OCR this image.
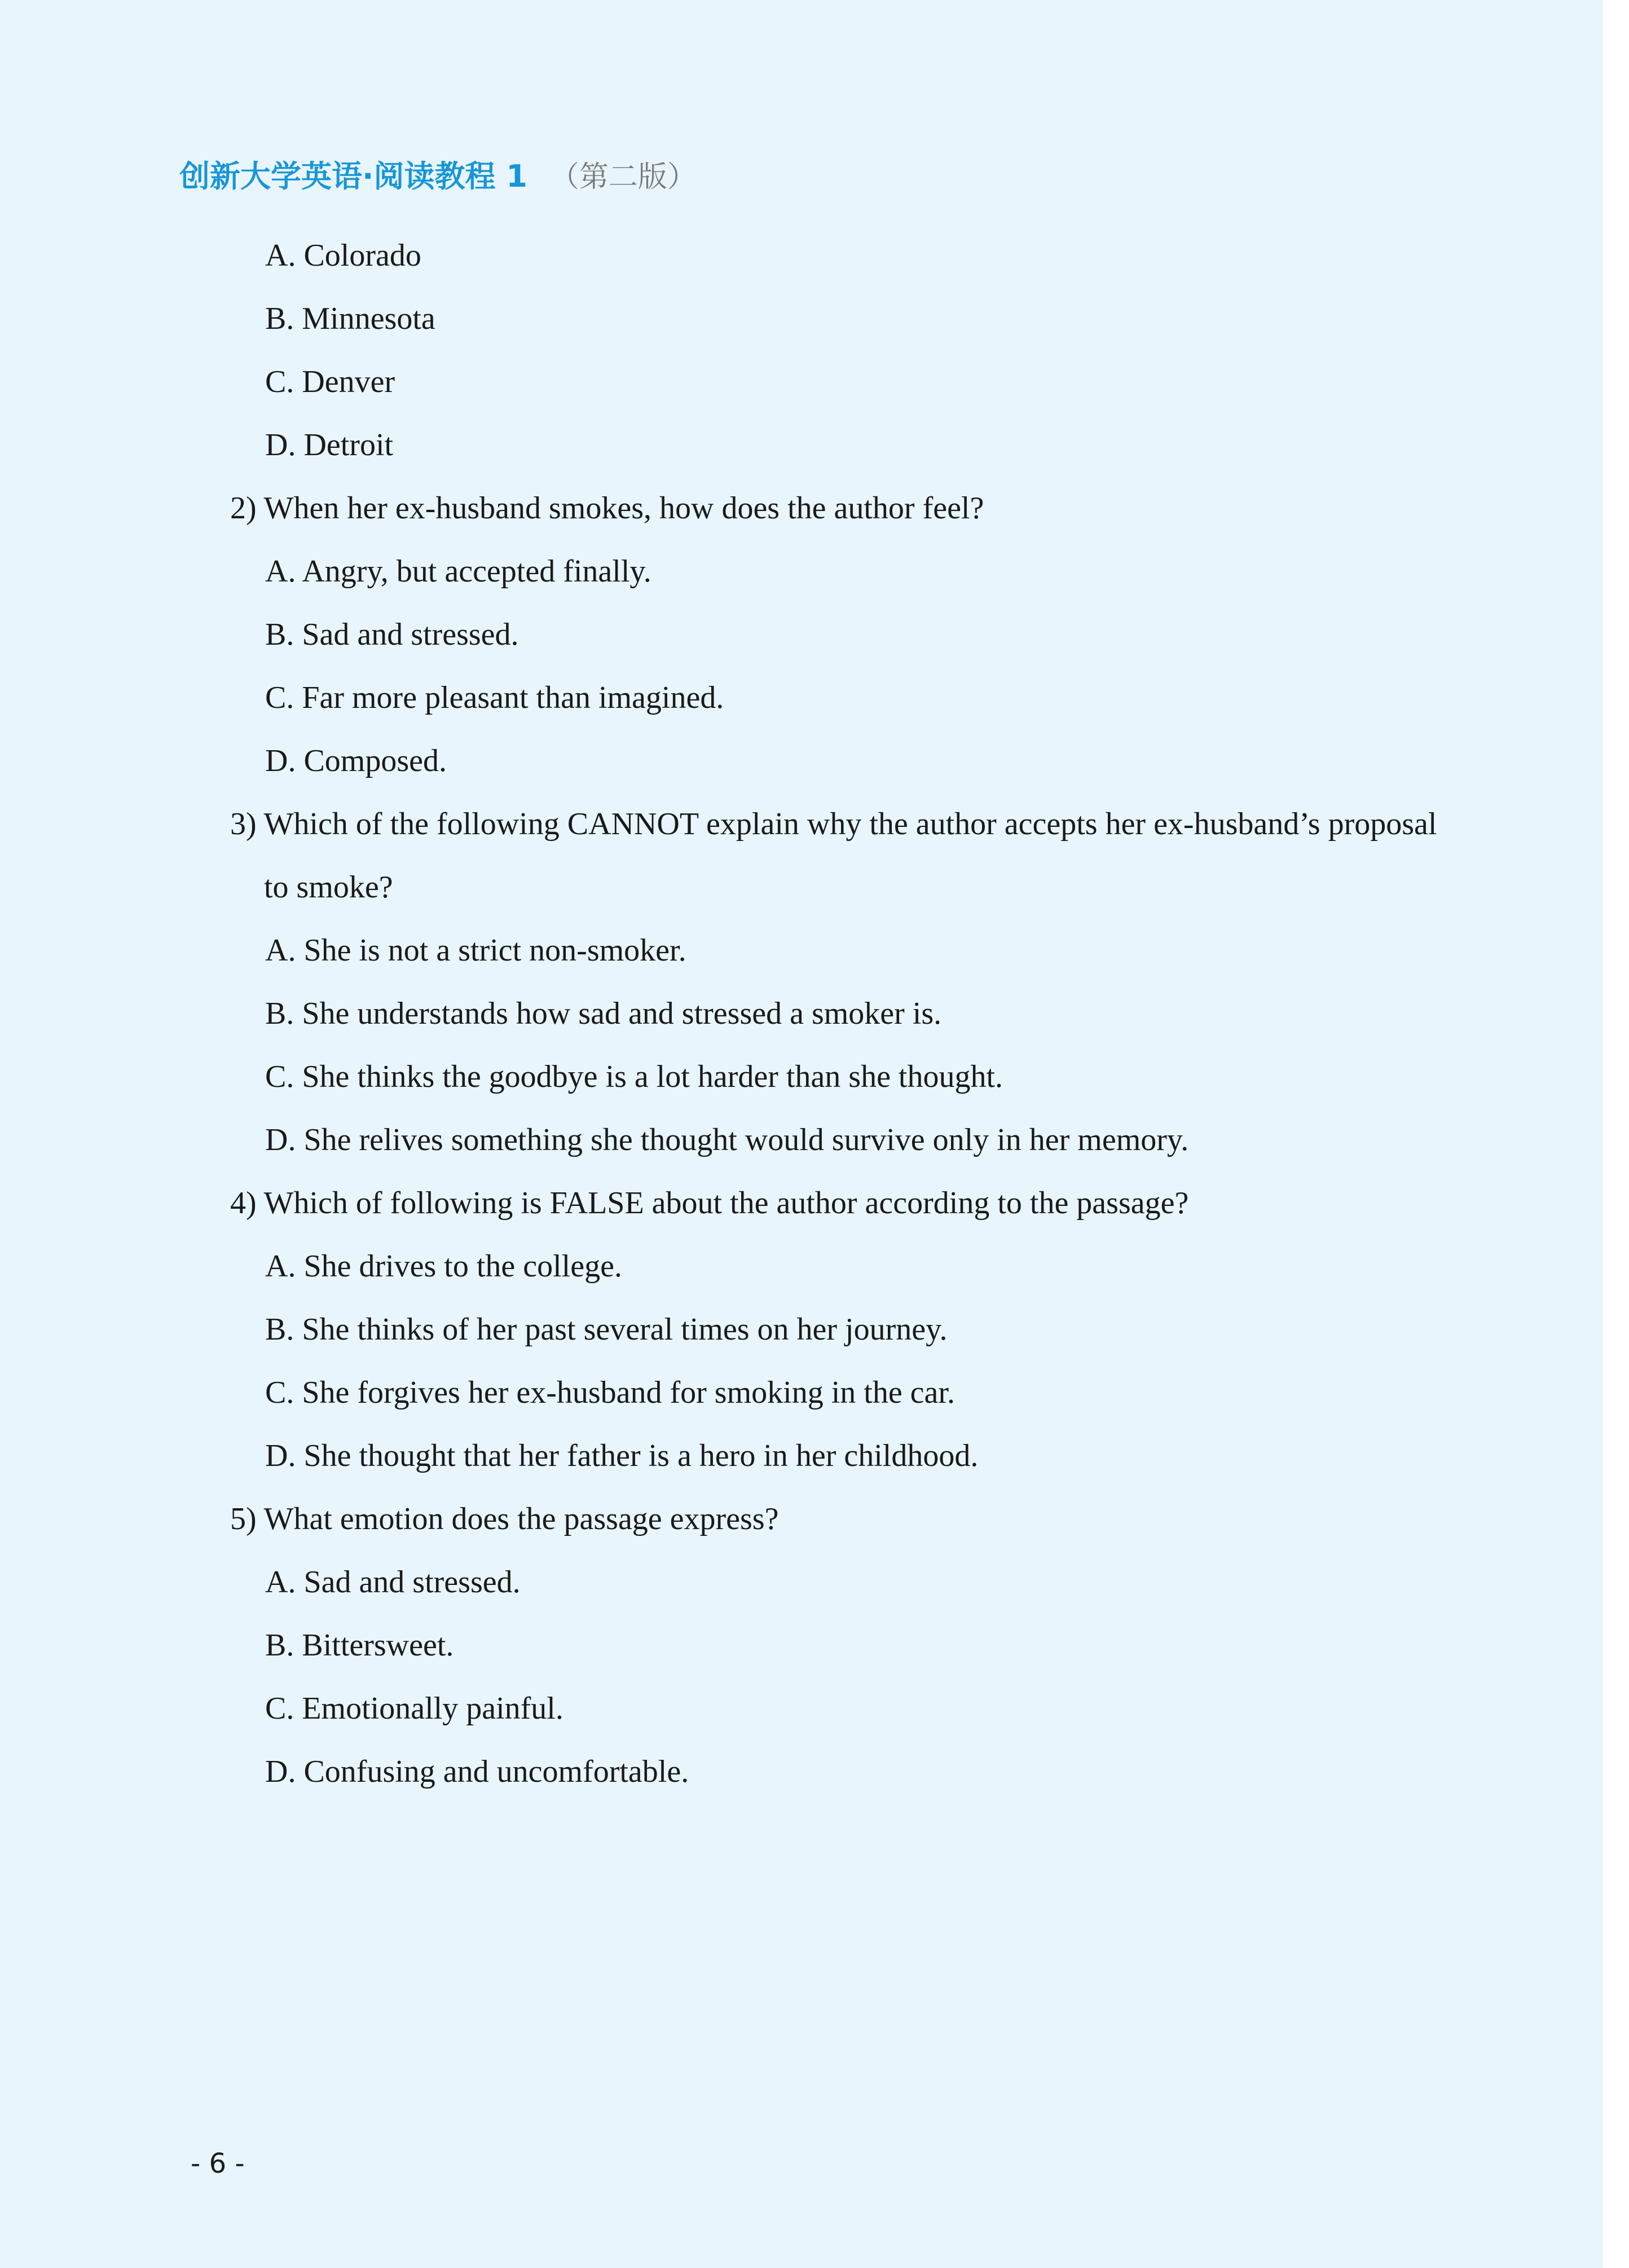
创新大学英语·阅读教程 1 （第二版）
A. Colorado
B. Minnesota
C. Denver
D. Detroit
2) When her ex-husband smokes, how does the author feel?
A. Angry, but accepted finally.
B. Sad and stressed.
C. Far more pleasant than imagined.
D. Composed.
3) Which of the following CANNOT explain why the author accepts her ex-husband’s proposal
to smoke?
A. She is not a strict non-smoker.
B. She understands how sad and stressed a smoker is.
C. She thinks the goodbye is a lot harder than she thought.
D. She relives something she thought would survive only in her memory.
4) Which of following is FALSE about the author according to the passage?
A. She drives to the college.
B. She thinks of her past several times on her journey.
C. She forgives her ex-husband for smoking in the car.
D. She thought that her father is a hero in her childhood.
5) What emotion does the passage express?
A. Sad and stressed.
B. Bittersweet.
C. Emotionally painful.
D. Confusing and uncomfortable.
- 6 -
